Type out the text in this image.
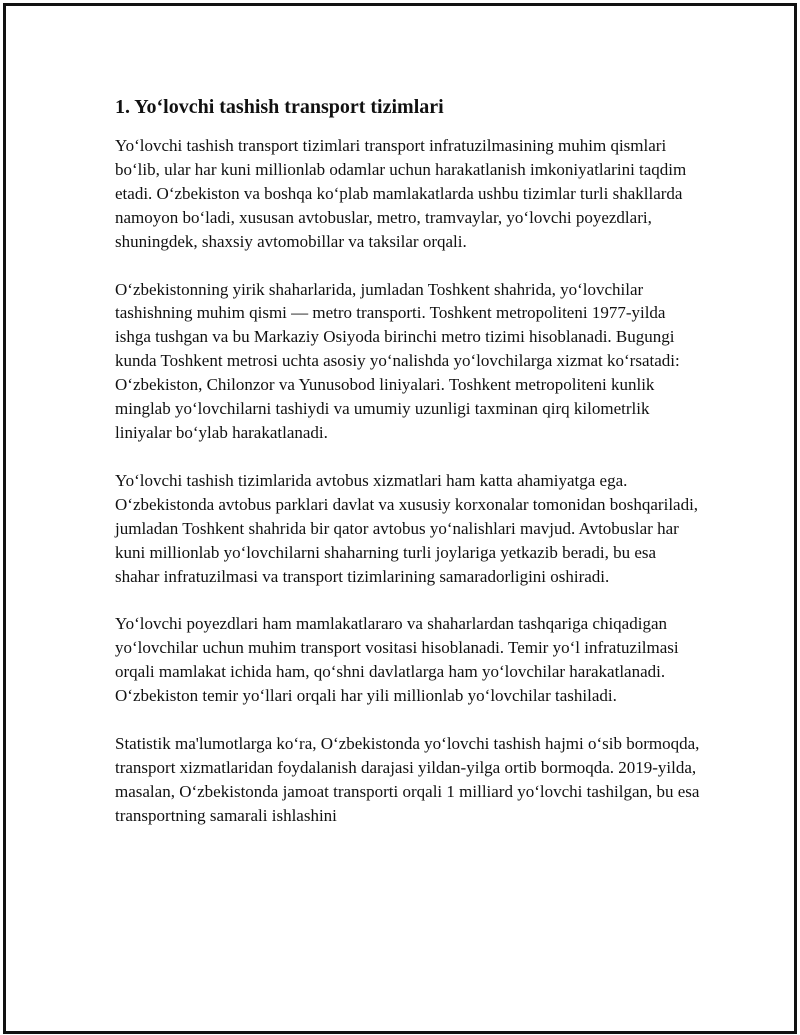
1. Yo‘lovchi tashish transport tizimlari

Yo‘lovchi tashish transport tizimlari transport infratuzilmasining muhim qismlari bo‘lib, ular har kuni millionlab odamlar uchun harakatlanish imkoniyatlarini taqdim etadi. O‘zbekiston va boshqa ko‘plab mamlakatlarda ushbu tizimlar turli shakllarda namoyon bo‘ladi, xususan avtobuslar, metro, tramvaylar, yo‘lovchi poyezdlari, shuningdek, shaxsiy avtomobillar va taksilar orqali.

O‘zbekistonning yirik shaharlarida, jumladan Toshkent shahrida, yo‘lovchilar tashishning muhim qismi — metro transporti. Toshkent metropoliteni 1977-yilda ishga tushgan va bu Markaziy Osiyoda birinchi metro tizimi hisoblanadi. Bugungi kunda Toshkent metrosi uchta asosiy yo‘nalishda yo‘lovchilarga xizmat ko‘rsatadi: O‘zbekiston, Chilonzor va Yunusobod liniyalari. Toshkent metropoliteni kunlik minglab yo‘lovchilarni tashiydi va umumiy uzunligi taxminan qirq kilometrlik liniyalar bo‘ylab harakatlanadi.

Yo‘lovchi tashish tizimlarida avtobus xizmatlari ham katta ahamiyatga ega. O‘zbekistonda avtobus parklari davlat va xususiy korxonalar tomonidan boshqariladi, jumladan Toshkent shahrida bir qator avtobus yo‘nalishlari mavjud. Avtobuslar har kuni millionlab yo‘lovchilarni shaharning turli joylariga yetkazib beradi, bu esa shahar infratuzilmasi va transport tizimlarining samaradorligini oshiradi.

Yo‘lovchi poyezdlari ham mamlakatlararo va shaharlardan tashqariga chiqadigan yo‘lovchilar uchun muhim transport vositasi hisoblanadi. Temir yo‘l infratuzilmasi orqali mamlakat ichida ham, qo‘shni davlatlarga ham yo‘lovchilar harakatlanadi. O‘zbekiston temir yo‘llari orqali har yili millionlab yo‘lovchilar tashiladi.

Statistik ma'lumotlarga ko‘ra, O‘zbekistonda yo‘lovchi tashish hajmi o‘sib bormoqda, transport xizmatlaridan foydalanish darajasi yildan-yilga ortib bormoqda. 2019-yilda, masalan, O‘zbekistonda jamoat transporti orqali 1 milliard yo‘lovchi tashilgan, bu esa transportning samarali ishlashini
